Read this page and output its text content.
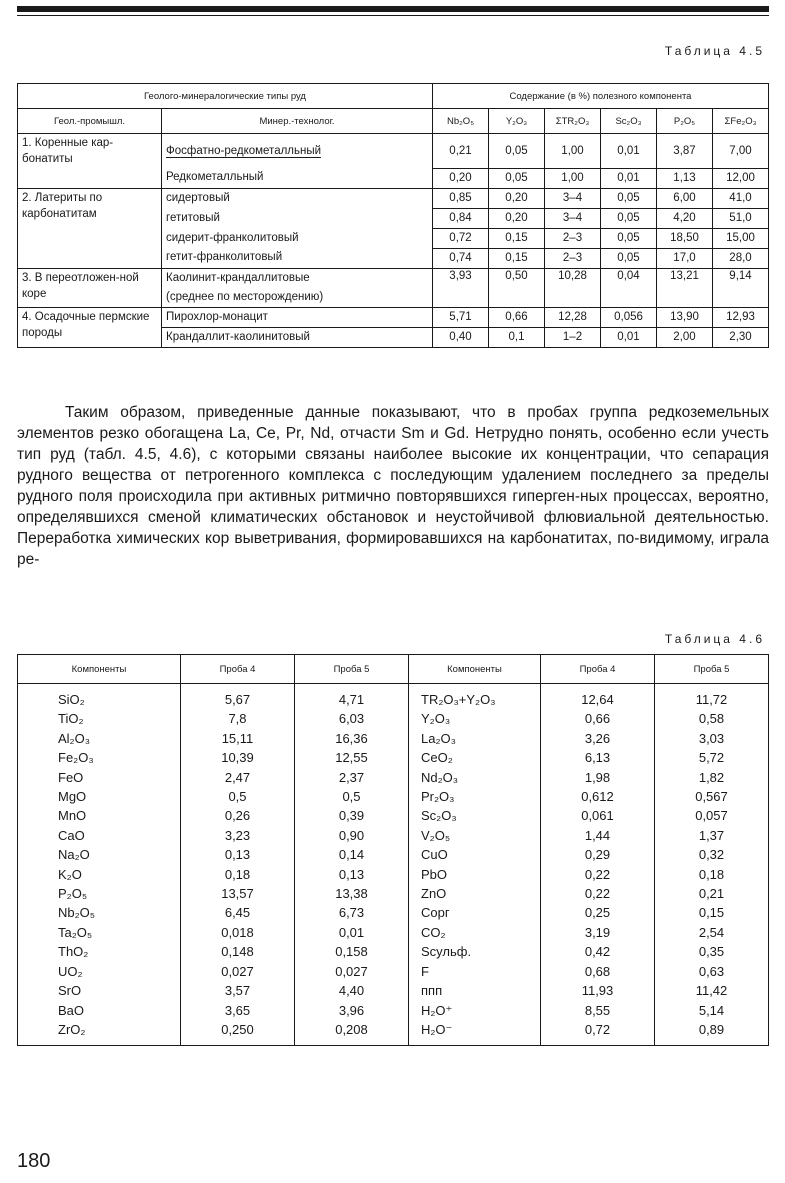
Таблица 4.5
Геолого-минералогические типы руд		Содержание (в %) полезного компонента					
Геол.-промышл.	Минер.-технолог.	Nb₂O₅	Y₂O₃	ΣTR₂O₃	Sc₂O₃	P₂O₅	ΣFe₂O₃
1. Коренные кар-бонатиты	Фосфатно-редкометалльный	0,21	0,05	1,00	0,01	3,87	7,00
	Редкометалльный	0,20	0,05	1,00	0,01	1,13	12,00
2. Латериты по карбонатитам	сидертовый	0,85	0,20	3–4	0,05	6,00	41,0
	гетитовый	0,84	0,20	3–4	0,05	4,20	51,0
	сидерит-франколитовый	0,72	0,15	2–3	0,05	18,50	15,00
	гетит-франколитовый	0,74	0,15	2–3	0,05	17,0	28,0
3. В переотложен-ной коре	Каолинит-крандаллитовые	3,93	0,50	10,28	0,04	13,21	9,14
	(среднее по месторождению)						
4. Осадочные пермские породы	Пирохлор-монацит	5,71	0,66	12,28	0,056	13,90	12,93
	Крандаллит-каолинитовый	0,40	0,1	1–2	0,01	2,00	2,30

Таким образом, приведенные данные показывают, что в пробах группа редкоземельных элементов резко обогащена La, Ce, Pr, Nd, отчасти Sm и Gd. Нетрудно понять, особенно если учесть тип руд (табл. 4.5, 4.6), с которыми связаны наиболее высокие их концентрации, что сепарация рудного вещества от петрогенного комплекса с последующим удалением последнего за пределы рудного поля происходила при активных ритмично повторявшихся гиперген-ных процессах, вероятно, определявшихся сменой климатических обстановок и неустойчивой флювиальной деятельностью. Переработка химических кор выветривания, формировавшихся на карбонатитах, по-видимому, играла ре-

Таблица 4.6
Компоненты	Проба 4	Проба 5	Компоненты	Проба 4	Проба 5
SiO₂	5,67	4,71	TR₂O₃+Y₂O₃	12,64	11,72
TiO₂	7,8	6,03	Y₂O₃	0,66	0,58
Al₂O₃	15,11	16,36	La₂O₃	3,26	3,03
Fe₂O₃	10,39	12,55	CeO₂	6,13	5,72
FeO	2,47	2,37	Nd₂O₃	1,98	1,82
MgO	0,5	0,5	Pr₂O₃	0,612	0,567
MnO	0,26	0,39	Sc₂O₃	0,061	0,057
CaO	3,23	0,90	V₂O₅	1,44	1,37
Na₂O	0,13	0,14	CuO	0,29	0,32
K₂O	0,18	0,13	PbO	0,22	0,18
P₂O₅	13,57	13,38	ZnO	0,22	0,21
Nb₂O₅	6,45	6,73	Cорг	0,25	0,15
Ta₂O₅	0,018	0,01	CO₂	3,19	2,54
ThO₂	0,148	0,158	Sсульф.	0,42	0,35
UO₂	0,027	0,027	F	0,68	0,63
SrO	3,57	4,40	ппп	11,93	11,42
BaO	3,65	3,96	H₂O⁺	8,55	5,14
ZrO₂	0,250	0,208	H₂O⁻	0,72	0,89
180
